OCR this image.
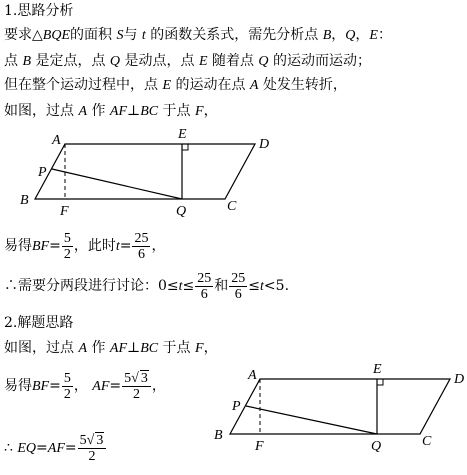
1.思路分析
要求△BQE的面积 S与 t 的函数关系式，需先分析点 B，Q，E：
点 B 是定点，点 Q 是动点，点 E 随着点 Q 的运动而运动；
但在整个运动过程中，点 E 的运动在点 A 处发生转折，
如图，过点 A 作 AF⊥BC 于点 F，
A	D
E
P
B
F	Q	C
易得$BF= \frac{5}{2}$ ，此时$t= \frac{25}{6}$ ，
∴需要分两段进行讨论：$0\le t\le \frac{25}{6}$ 和 $\frac{25}{6} \le t<5$.
2.解题思路
如图，过点 A 作 AF⊥BC 于点 F，
易得$BF= \frac{5}{2}$ ， $AF= \frac{5√ 3}{2}$ ，
∴ $EQ=AF= \frac{5√ 3}{2}$
A	D
E
P
B
F	Q	C
